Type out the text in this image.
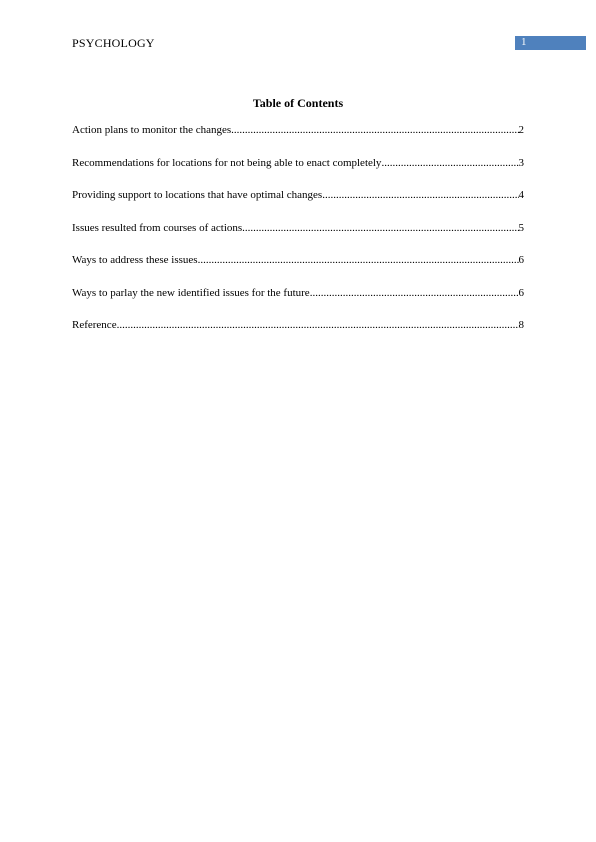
PSYCHOLOGY	1
Table of Contents
Action plans to monitor the changes .....	2
Recommendations for locations for not being able to enact completely .....	3
Providing support to locations that have optimal changes .....	4
Issues resulted from courses of actions .....	5
Ways to address these issues .....	6
Ways to parlay the new identified issues for the future .....	6
Reference .....	8
